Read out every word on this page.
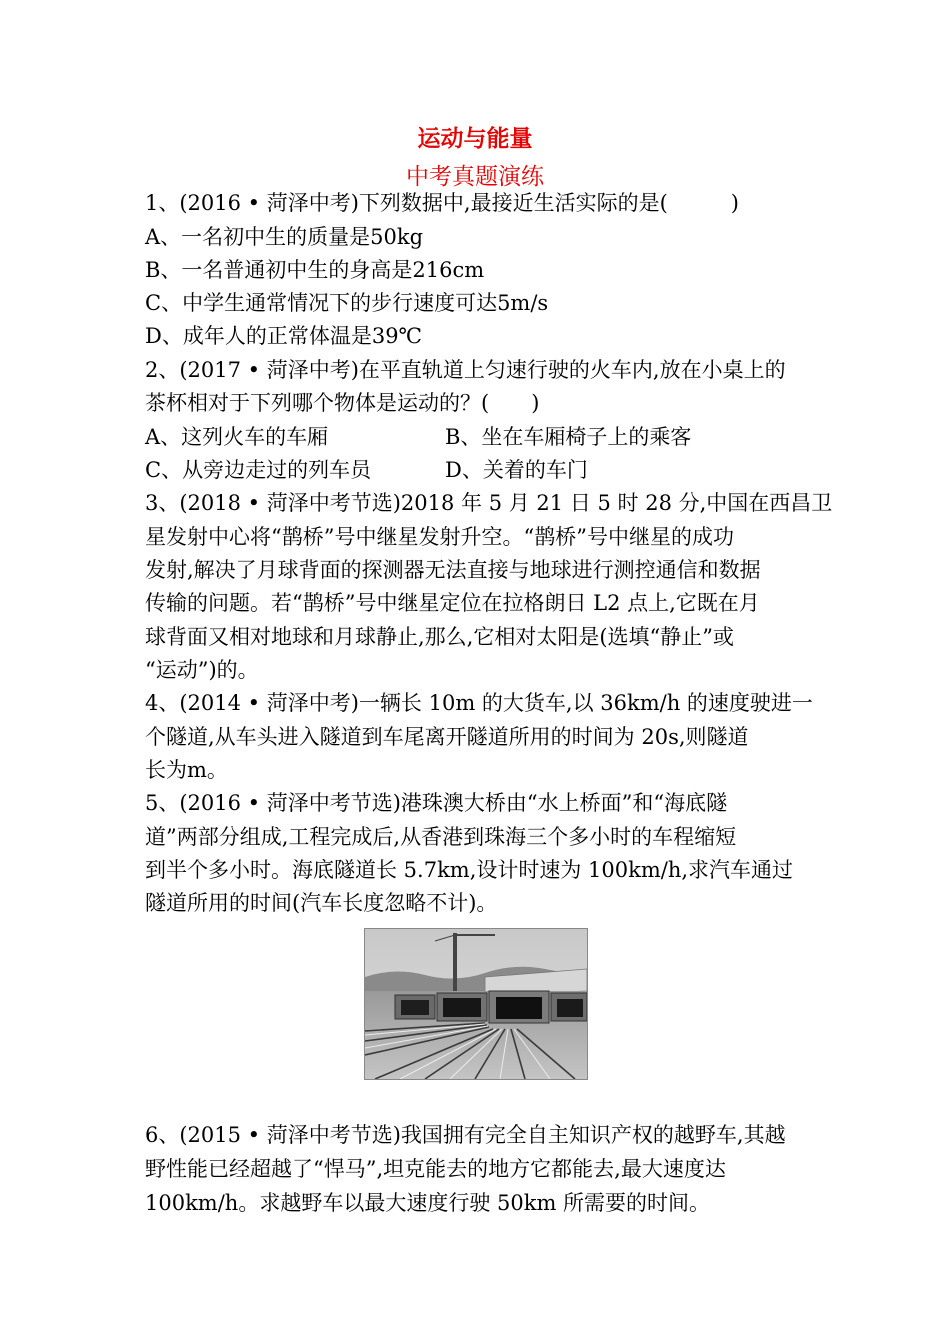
运动与能量
中考真题演练
1、(2016 • 菏泽中考)下列数据中,最接近生活实际的是(　　　)
A、一名初中生的质量是50kg
B、一名普通初中生的身高是216cm
C、中学生通常情况下的步行速度可达5m/s
D、成年人的正常体温是39℃
2、(2017 • 菏泽中考)在平直轨道上匀速行驶的火车内,放在小桌上的
茶杯相对于下列哪个物体是运动的？(　　)
A、这列火车的车厢	B、坐在车厢椅子上的乘客
C、从旁边走过的列车员	D、关着的车门
3、(2018 • 菏泽中考节选)2018 年 5 月 21 日 5 时 28 分,中国在西昌卫
星发射中心将“鹊桥”号中继星发射升空。“鹊桥”号中继星的成功
发射,解决了月球背面的探测器无法直接与地球进行测控通信和数据
传输的问题。若“鹊桥”号中继星定位在拉格朗日 L2 点上,它既在月
球背面又相对地球和月球静止,那么,它相对太阳是(选填“静止”或
“运动”)的。
4、(2014 • 菏泽中考)一辆长 10m 的大货车,以 36km/h 的速度驶进一
个隧道,从车头进入隧道到车尾离开隧道所用的时间为 20s,则隧道
长为m。
5、(2016 • 菏泽中考节选)港珠澳大桥由“水上桥面”和“海底隧
道”两部分组成,工程完成后,从香港到珠海三个多小时的车程缩短
到半个多小时。海底隧道长 5.7km,设计时速为 100km/h,求汽车通过
隧道所用的时间(汽车长度忽略不计)。
6、(2015 • 菏泽中考节选)我国拥有完全自主知识产权的越野车,其越
野性能已经超越了“悍马”,坦克能去的地方它都能去,最大速度达
100km/h。求越野车以最大速度行驶 50km 所需要的时间。
